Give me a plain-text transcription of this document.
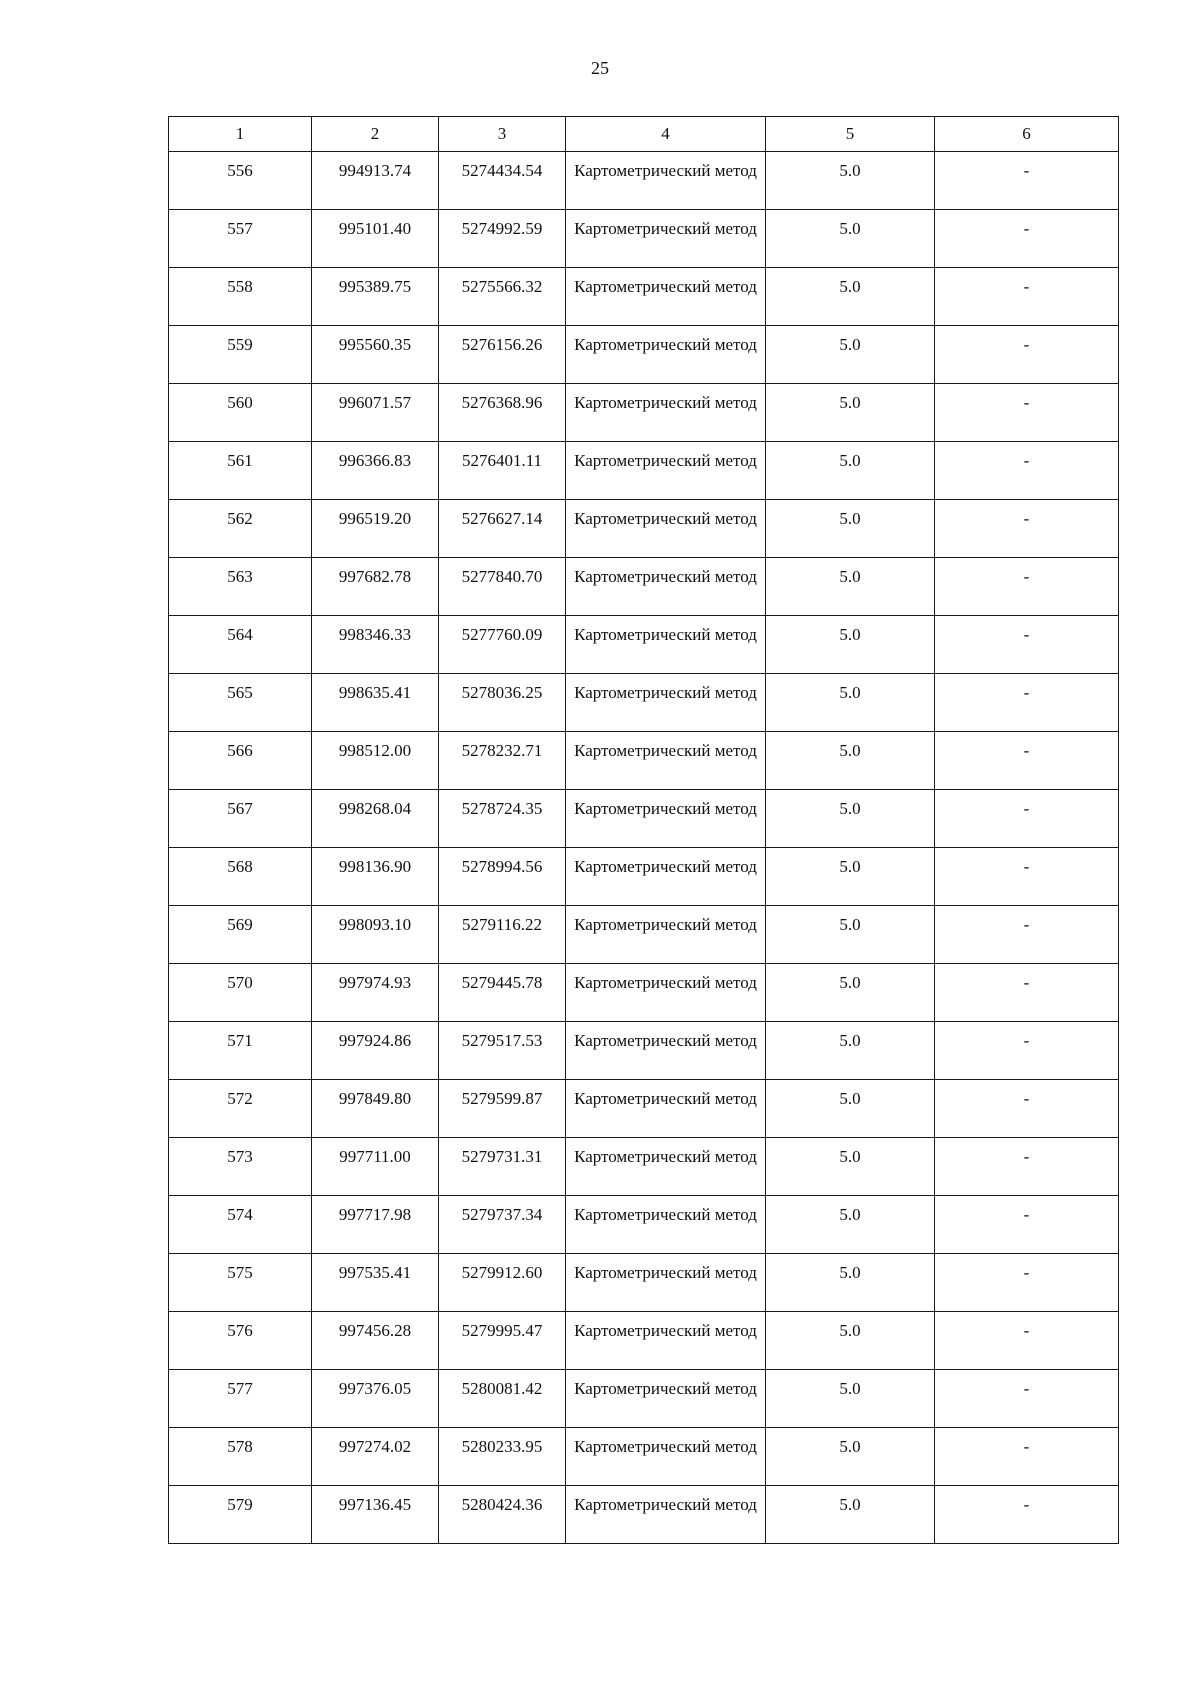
25
1	2	3	4	5	6
556	994913.74	5274434.54	Картометрический метод	5.0	-
557	995101.40	5274992.59	Картометрический метод	5.0	-
558	995389.75	5275566.32	Картометрический метод	5.0	-
559	995560.35	5276156.26	Картометрический метод	5.0	-
560	996071.57	5276368.96	Картометрический метод	5.0	-
561	996366.83	5276401.11	Картометрический метод	5.0	-
562	996519.20	5276627.14	Картометрический метод	5.0	-
563	997682.78	5277840.70	Картометрический метод	5.0	-
564	998346.33	5277760.09	Картометрический метод	5.0	-
565	998635.41	5278036.25	Картометрический метод	5.0	-
566	998512.00	5278232.71	Картометрический метод	5.0	-
567	998268.04	5278724.35	Картометрический метод	5.0	-
568	998136.90	5278994.56	Картометрический метод	5.0	-
569	998093.10	5279116.22	Картометрический метод	5.0	-
570	997974.93	5279445.78	Картометрический метод	5.0	-
571	997924.86	5279517.53	Картометрический метод	5.0	-
572	997849.80	5279599.87	Картометрический метод	5.0	-
573	997711.00	5279731.31	Картометрический метод	5.0	-
574	997717.98	5279737.34	Картометрический метод	5.0	-
575	997535.41	5279912.60	Картометрический метод	5.0	-
576	997456.28	5279995.47	Картометрический метод	5.0	-
577	997376.05	5280081.42	Картометрический метод	5.0	-
578	997274.02	5280233.95	Картометрический метод	5.0	-
579	997136.45	5280424.36	Картометрический метод	5.0	-
